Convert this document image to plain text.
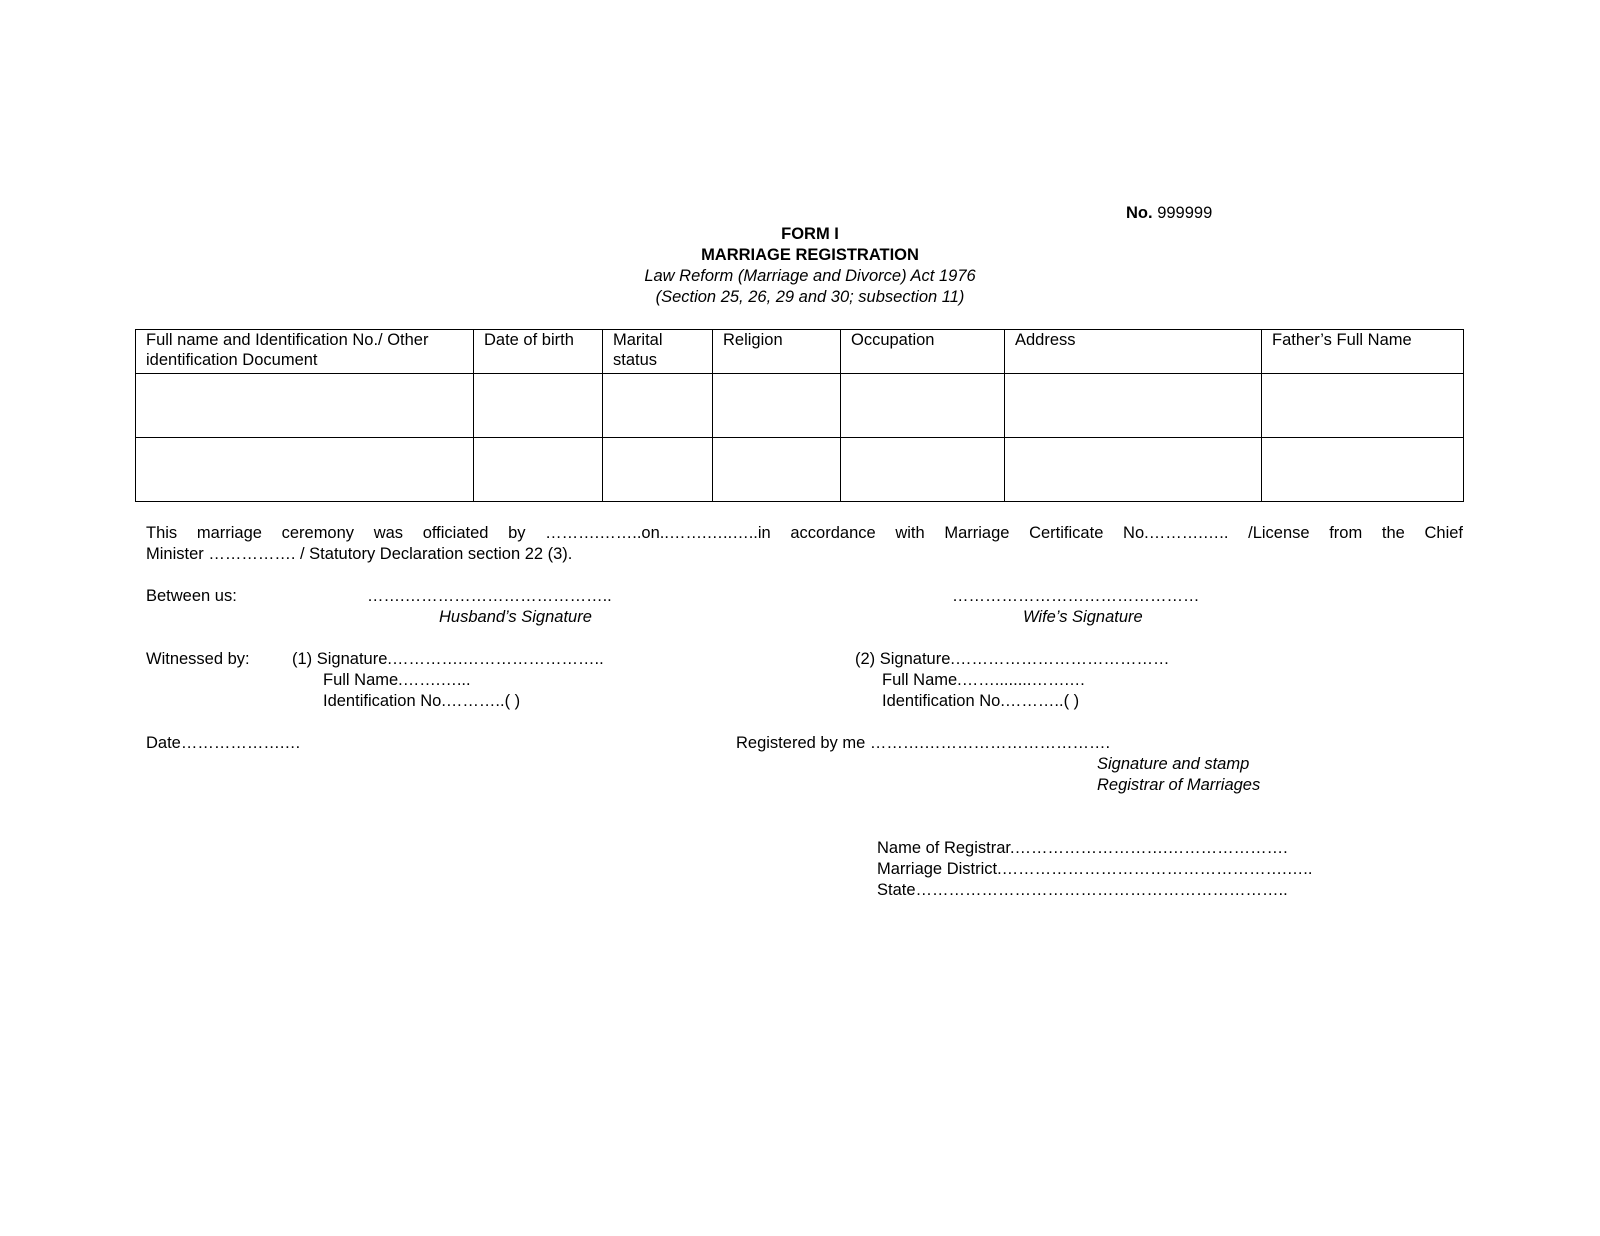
No. 999999
FORM I
MARRIAGE REGISTRATION
Law Reform (Marriage and Divorce) Act 1976
(Section 25, 26, 29 and 30; subsection 11)
Full name and Identification No./ Other identification Document	Date of birth	Marital status	Religion	Occupation	Address	Father’s Full Name

This marriage ceremony was officiated by ……….……..on..…….…..…..in accordance with Marriage Certificate No.……….….. /License from the Chief
Minister ……………. / Statutory Declaration section 22 (3).
Between us:	…….………………………………..
Husband’s Signature
………………………………………
Wife’s Signature
Witnessed by:	(1) Signature.………….……………………..
Full Name.…….…...
Identification No.………..( )
(2) Signature.…………………………………
Full Name.……........…….…
Identification No.………..( )
Date……………….…	Registered by me ……….…………………………….
Signature and stamp
Registrar of Marriages
Name of Registrar.……………………….………………….
Marriage District.…………………………………………….…..
State…………………………………………………………..
